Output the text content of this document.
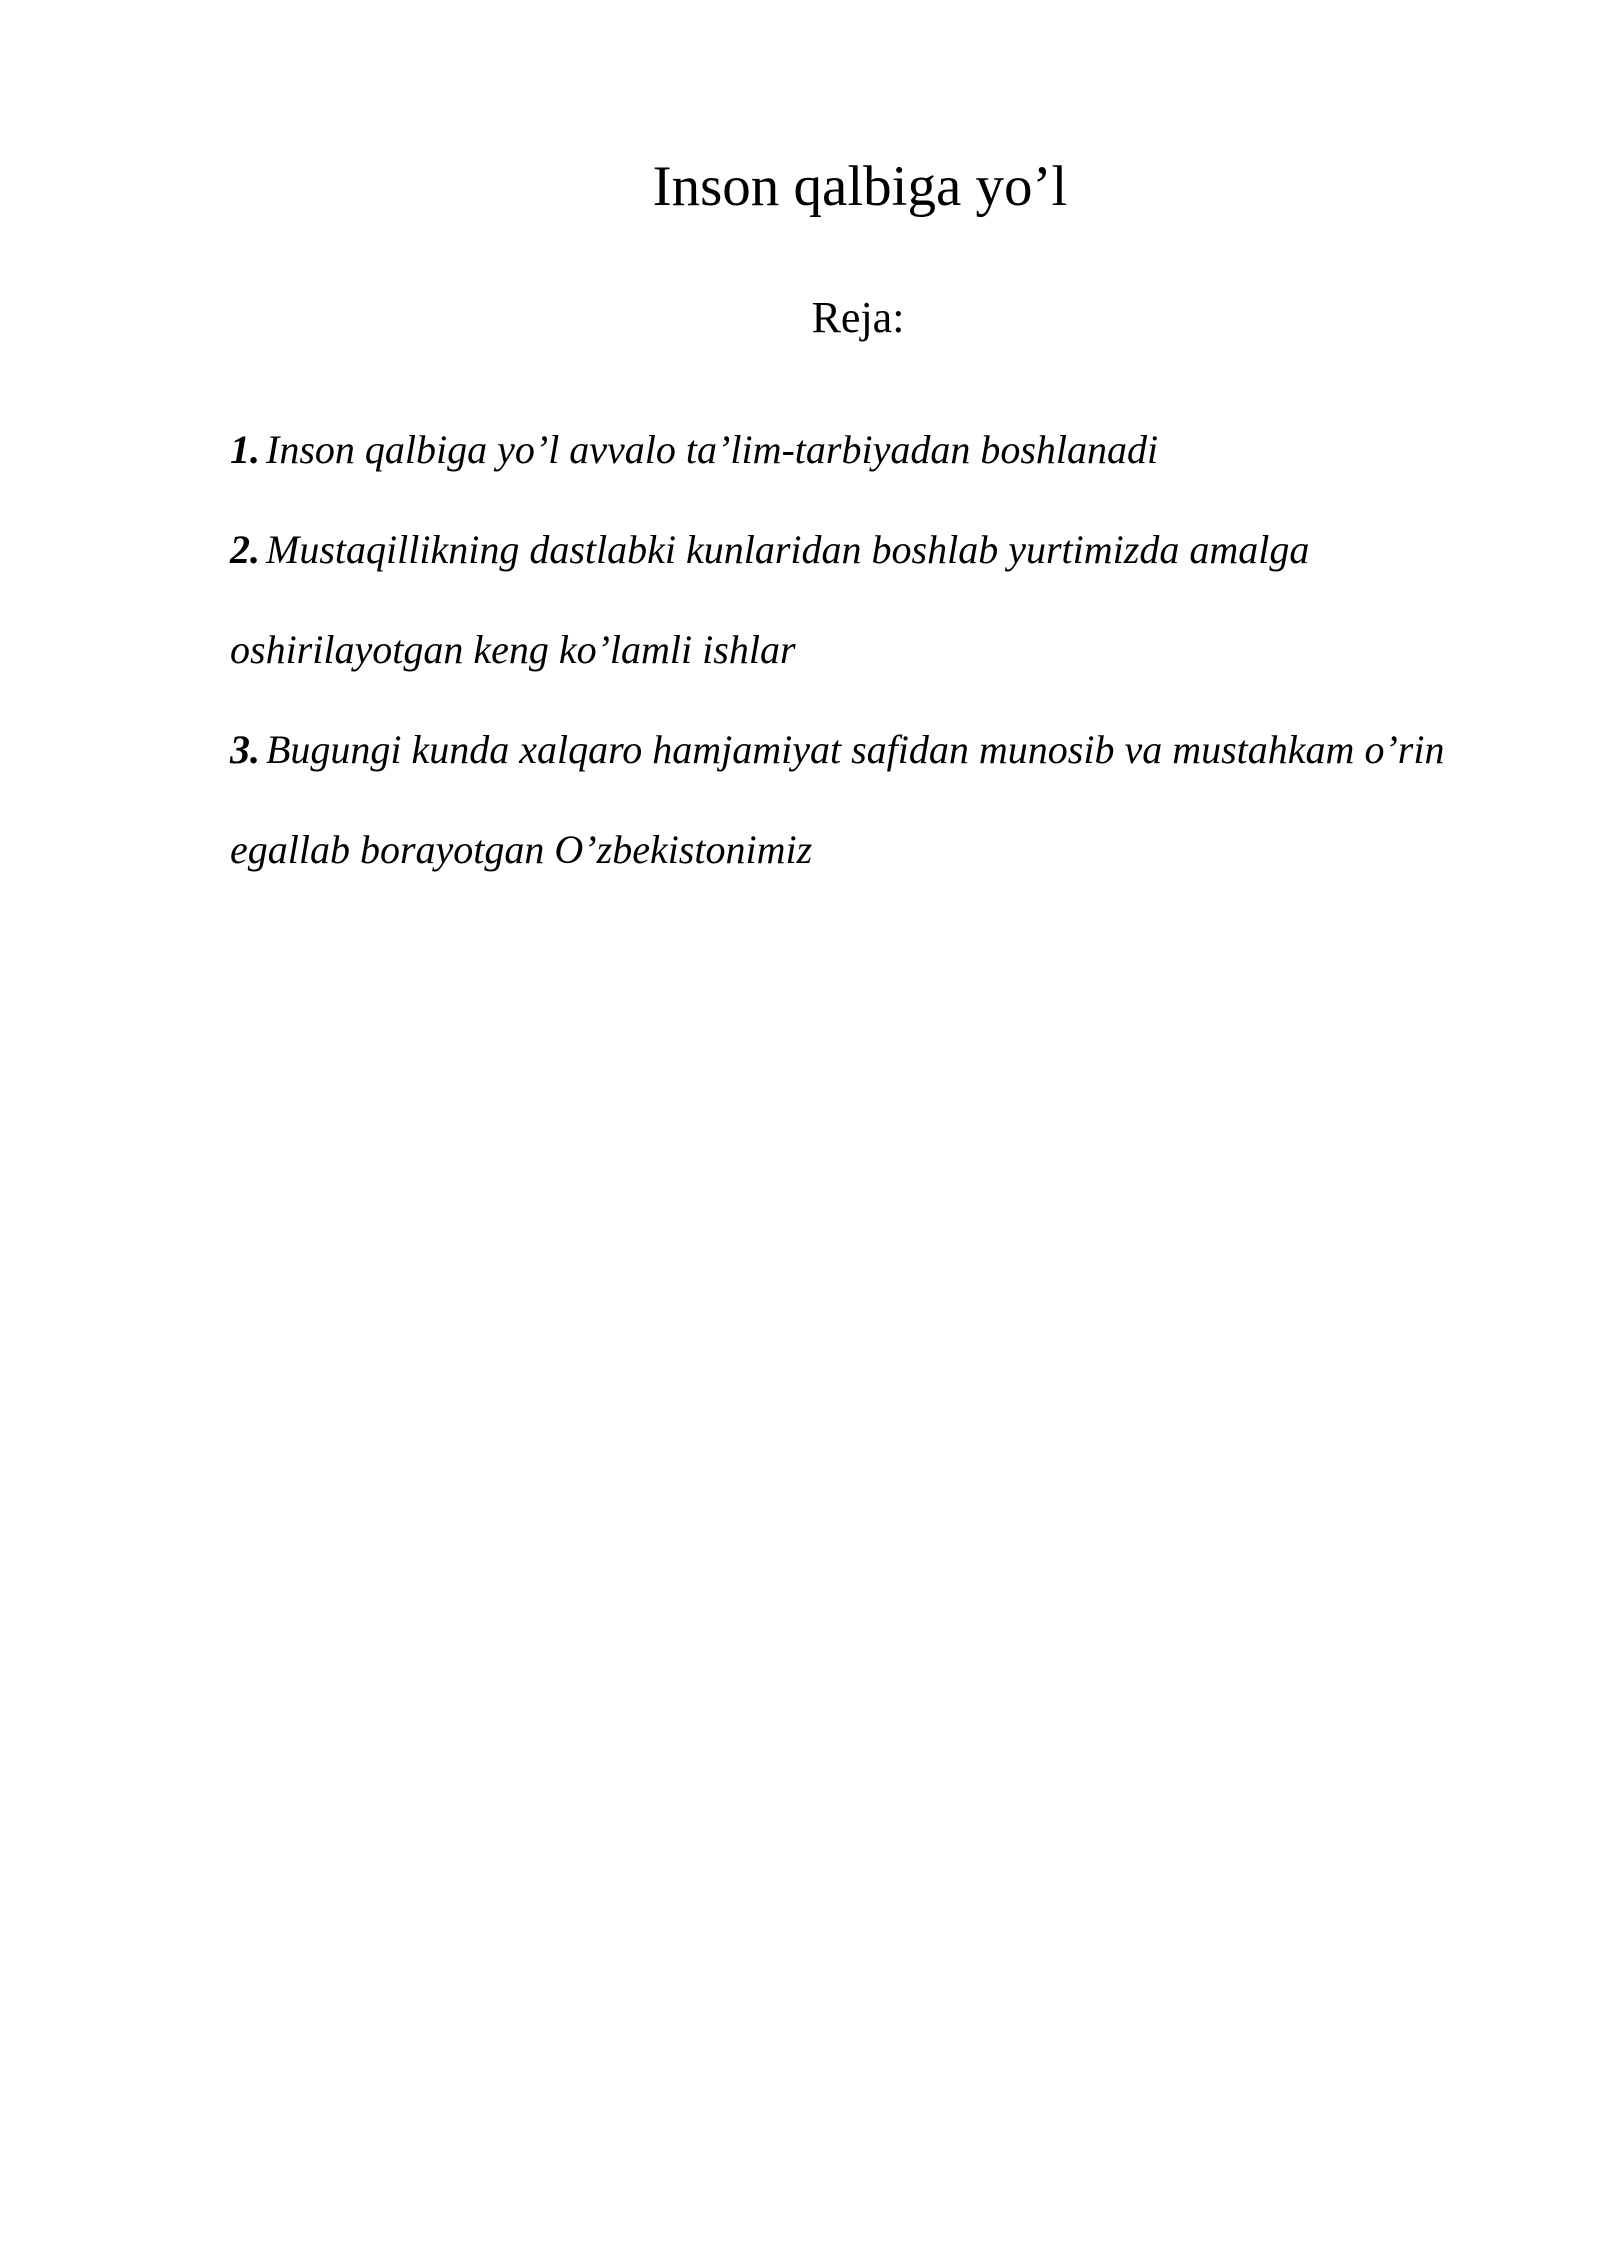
Inson qalbiga yo’l
Reja:
1. Inson qalbiga yo’l avvalo ta’lim-tarbiyadan boshlanadi
2. Mustaqillikning dastlabki kunlaridan boshlab yurtimizda amalga oshirilayotgan keng ko’lamli ishlar
3. Bugungi kunda xalqaro hamjamiyat safidan munosib va mustahkam o’rin egallab borayotgan O’zbekistonimiz
